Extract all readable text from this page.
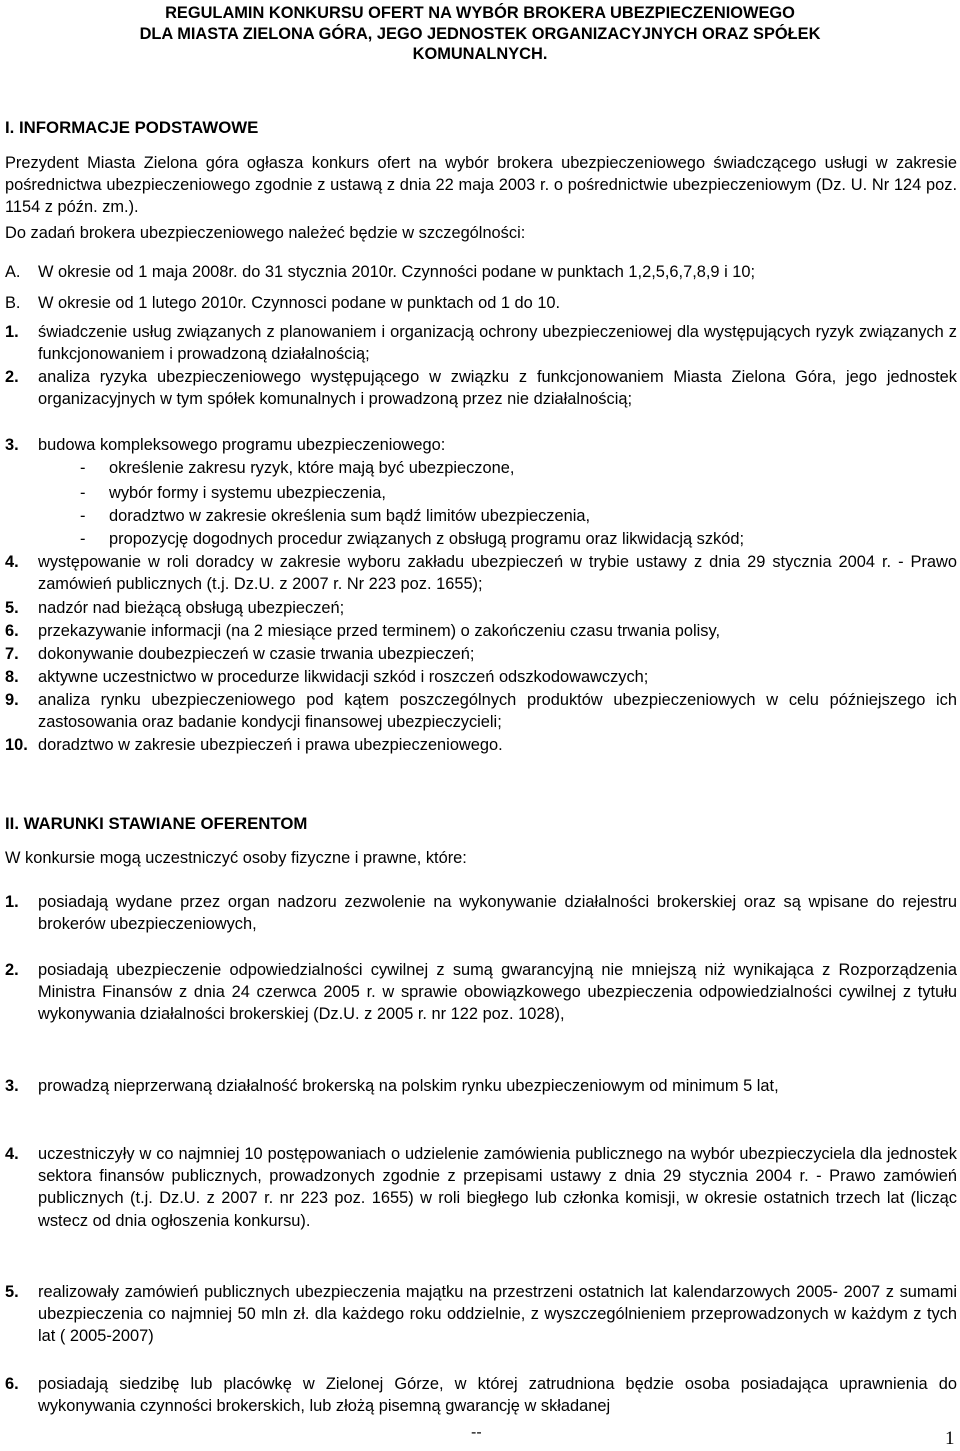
REGULAMIN KONKURSU OFERT NA WYBÓR BROKERA UBEZPIECZENIOWEGO
DLA MIASTA ZIELONA GÓRA, JEGO JEDNOSTEK ORGANIZACYJNYCH ORAZ SPÓŁEK
KOMUNALNYCH.
I. INFORMACJE PODSTAWOWE
Prezydent Miasta Zielona góra ogłasza konkurs ofert na wybór brokera ubezpieczeniowego świadczącego usługi w zakresie pośrednictwa ubezpieczeniowego zgodnie z ustawą z dnia 22 maja 2003 r. o pośrednictwie ubezpieczeniowym (Dz. U. Nr 124 poz. 1154 z późn. zm.).
Do zadań brokera ubezpieczeniowego należeć będzie w szczególności:
A.	W okresie od 1 maja 2008r. do 31 stycznia 2010r. Czynności podane w punktach 1,2,5,6,7,8,9 i 10;
B.	W okresie od 1 lutego 2010r. Czynnosci podane w punktach od 1 do 10.
1.	świadczenie usług związanych z planowaniem i organizacją ochrony ubezpieczeniowej dla występujących ryzyk związanych z funkcjonowaniem i prowadzoną działalnością;
2.	analiza ryzyka ubezpieczeniowego występującego w związku z funkcjonowaniem Miasta Zielona Góra, jego jednostek organizacyjnych w tym spółek komunalnych i prowadzoną przez nie działalnością;
3.	budowa kompleksowego programu ubezpieczeniowego:
- określenie zakresu ryzyk, które mają być ubezpieczone,
- wybór formy i systemu ubezpieczenia,
- doradztwo w zakresie określenia sum bądź limitów ubezpieczenia,
- propozycję dogodnych procedur związanych z obsługą programu oraz likwidacją szkód;
4.	występowanie w roli doradcy w zakresie wyboru zakładu ubezpieczeń w trybie ustawy z dnia 29 stycznia 2004 r. - Prawo zamówień publicznych (t.j. Dz.U. z 2007 r. Nr 223 poz. 1655);
5.	nadzór nad bieżącą obsługą ubezpieczeń;
6.	przekazywanie informacji (na 2 miesiące przed terminem) o zakończeniu czasu trwania polisy,
7.	dokonywanie doubezpieczeń w czasie trwania ubezpieczeń;
8.	aktywne uczestnictwo w procedurze likwidacji szkód i roszczeń odszkodowawczych;
9.	analiza rynku ubezpieczeniowego pod kątem poszczególnych produktów ubezpieczeniowych w celu późniejszego ich zastosowania oraz badanie kondycji finansowej ubezpieczycieli;
10. doradztwo w zakresie ubezpieczeń i prawa ubezpieczeniowego.
II. WARUNKI STAWIANE OFERENTOM
W konkursie mogą uczestniczyć osoby fizyczne i prawne, które:
1.	posiadają wydane przez organ nadzoru zezwolenie na wykonywanie działalności brokerskiej oraz są wpisane do rejestru brokerów ubezpieczeniowych,
2.	posiadają ubezpieczenie odpowiedzialności cywilnej z sumą gwarancyjną nie mniejszą niż wynikająca z Rozporządzenia Ministra Finansów z dnia 24 czerwca 2005 r. w sprawie obowiązkowego ubezpieczenia odpowiedzialności cywilnej z tytułu wykonywania działalności brokerskiej (Dz.U. z 2005 r. nr 122 poz. 1028),
3.	prowadzą nieprzerwaną działalność brokerską na polskim rynku ubezpieczeniowym od minimum 5 lat,
4.	uczestniczyły w co najmniej 10 postępowaniach o udzielenie zamówienia publicznego na wybór ubezpieczyciela dla jednostek sektora finansów publicznych, prowadzonych zgodnie z przepisami ustawy z dnia 29 stycznia 2004 r. - Prawo zamówień publicznych (t.j. Dz.U. z 2007 r. nr 223 poz. 1655) w roli biegłego lub członka komisji, w okresie ostatnich trzech lat (licząc wstecz od dnia ogłoszenia konkursu).
5.	realizowały zamówień publicznych ubezpieczenia majątku na przestrzeni ostatnich lat kalendarzowych 2005- 2007 z sumami ubezpieczenia co najmniej 50 mln zł. dla każdego roku oddzielnie, z wyszczególnieniem przeprowadzonych w każdym z tych lat ( 2005-2007)
6.	posiadają siedzibę lub placówkę w Zielonej Górze, w której zatrudniona będzie osoba posiadająca uprawnienia do wykonywania czynności brokerskich, lub złożą pisemną gwarancję w składanej
--	1
